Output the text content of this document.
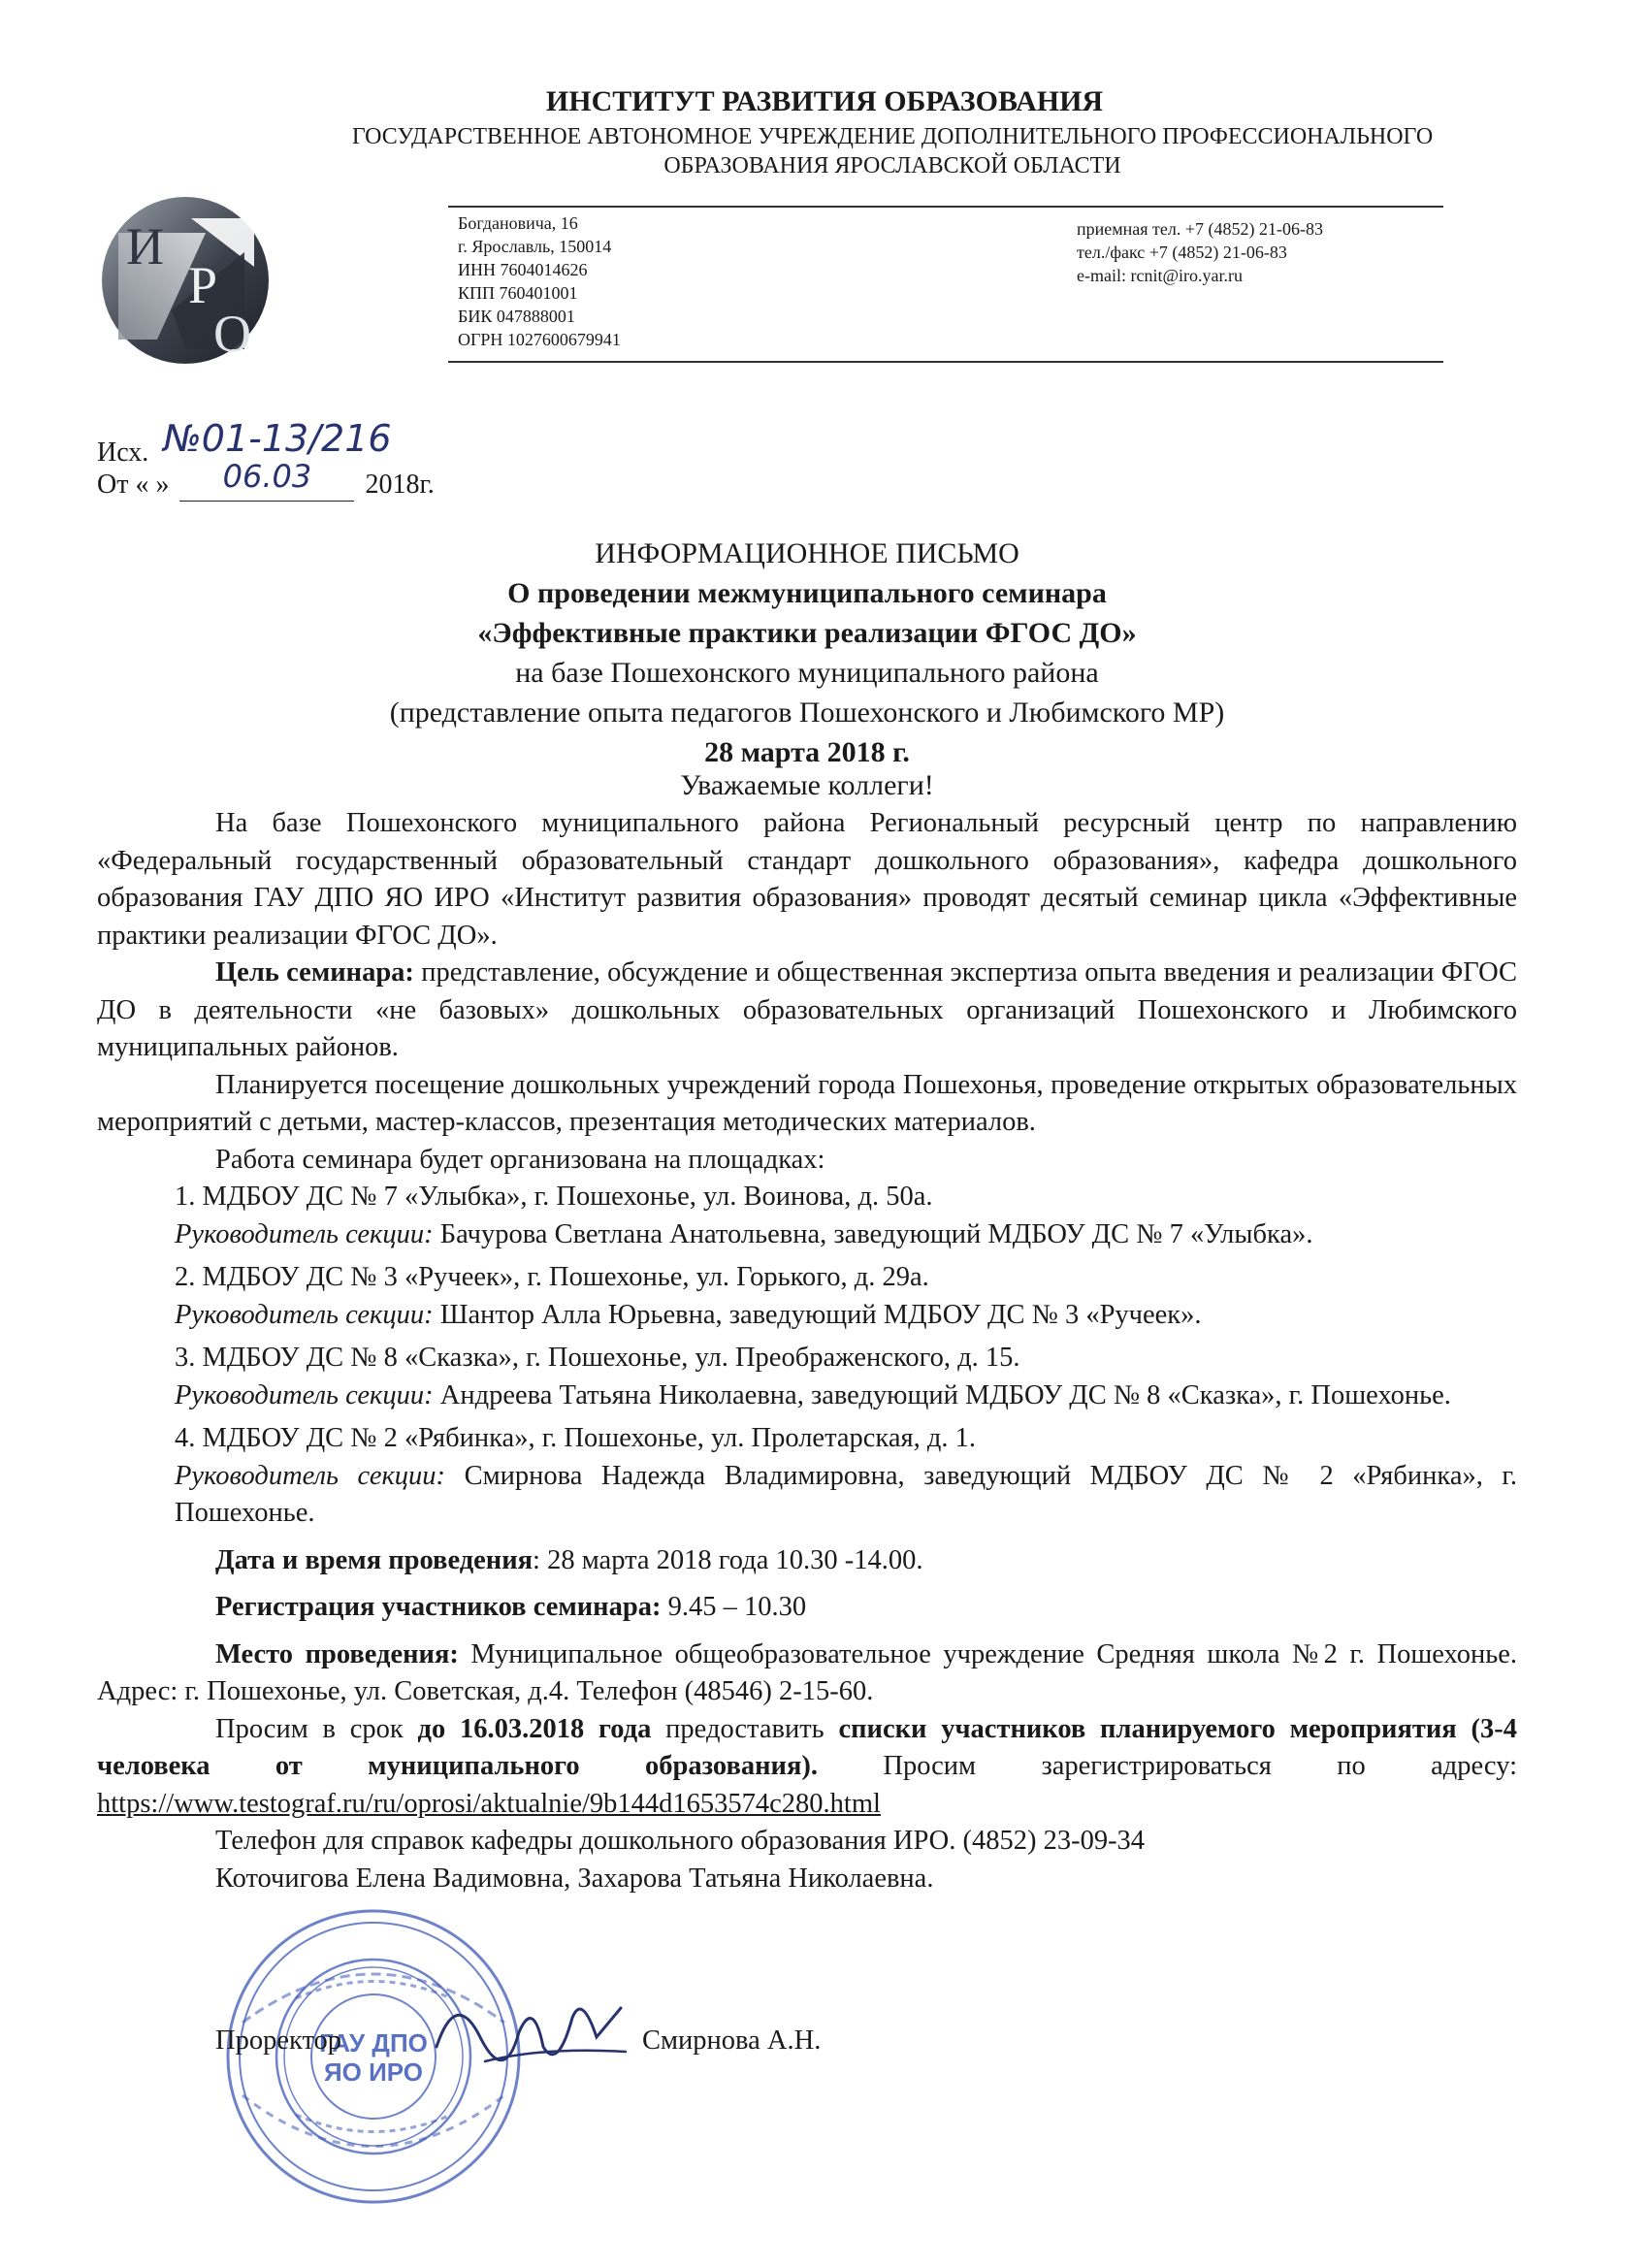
ИНСТИТУТ РАЗВИТИЯ ОБРАЗОВАНИЯ
ГОСУДАРСТВЕННОЕ АВТОНОМНОЕ УЧРЕЖДЕНИЕ ДОПОЛНИТЕЛЬНОГО ПРОФЕССИОНАЛЬНОГО
ОБРАЗОВАНИЯ ЯРОСЛАВСКОЙ ОБЛАСТИ
И
Р
О
Богдановича, 16
г. Ярославль, 150014
ИНН 7604014626
КПП 760401001
БИК 047888001
ОГРН 1027600679941
приемная тел. +7 (4852) 21-06-83
тел./факс +7 (4852) 21-06-83
e-mail: rcnit@iro.yar.ru
Исх. №01-13/216
От « » 06.03 2018г.
ИНФОРМАЦИОННОЕ ПИСЬМО
О проведении межмуниципального семинара
«Эффективные практики реализации ФГОС ДО»
на базе Пошехонского муниципального района
(представление опыта педагогов Пошехонского и Любимского МР)
28 марта 2018 г.
Уважаемые коллеги!

На базе Пошехонского муниципального района Региональный ресурсный центр по направлению «Федеральный государственный образовательный стандарт дошкольного образования», кафедра дошкольного образования ГАУ ДПО ЯО ИРО «Институт развития образования» проводят десятый семинар цикла «Эффективные практики реализации ФГОС ДО».

Цель семинара: представление, обсуждение и общественная экспертиза опыта введения и реализации ФГОС ДО в деятельности «не базовых» дошкольных образовательных организаций Пошехонского и Любимского муниципальных районов.

Планируется посещение дошкольных учреждений города Пошехонья, проведение открытых образовательных мероприятий с детьми, мастер-классов, презентация методических материалов.

Работа семинара будет организована на площадках:

1. МДБОУ ДС № 7 «Улыбка», г. Пошехонье, ул. Воинова, д. 50а.

Руководитель секции: Бачурова Светлана Анатольевна, заведующий МДБОУ ДС № 7 «Улыбка».

2. МДБОУ ДС № 3 «Ручеек», г. Пошехонье, ул. Горького, д. 29а.

Руководитель секции: Шантор Алла Юрьевна, заведующий МДБОУ ДС № 3 «Ручеек».

3. МДБОУ ДС № 8 «Сказка», г. Пошехонье, ул. Преображенского, д. 15.

Руководитель секции: Андреева Татьяна Николаевна, заведующий МДБОУ ДС № 8 «Сказка», г. Пошехонье.

4. МДБОУ ДС № 2 «Рябинка», г. Пошехонье, ул. Пролетарская, д. 1.

Руководитель секции: Смирнова Надежда Владимировна, заведующий МДБОУ ДС № 2 «Рябинка», г. Пошехонье.

Дата и время проведения: 28 марта 2018 года 10.30 -14.00.

Регистрация участников семинара: 9.45 – 10.30

Место проведения: Муниципальное общеобразовательное учреждение Средняя школа №2 г. Пошехонье. Адрес: г. Пошехонье, ул. Советская, д.4. Телефон (48546) 2-15-60.

Просим в срок до 16.03.2018 года предоставить списки участников планируемого мероприятия (3-4 человека от муниципального образования). Просим зарегистрироваться по адресу: https://www.testograf.ru/ru/oprosi/aktualnie/9b144d1653574c280.html

Телефон для справок кафедры дошкольного образования ИРО. (4852) 23-09-34

Коточигова Елена Вадимовна, Захарова Татьяна Николаевна.

ГАУ ДПО
ЯО ИРО
Проректор	Смирнова А.Н.
